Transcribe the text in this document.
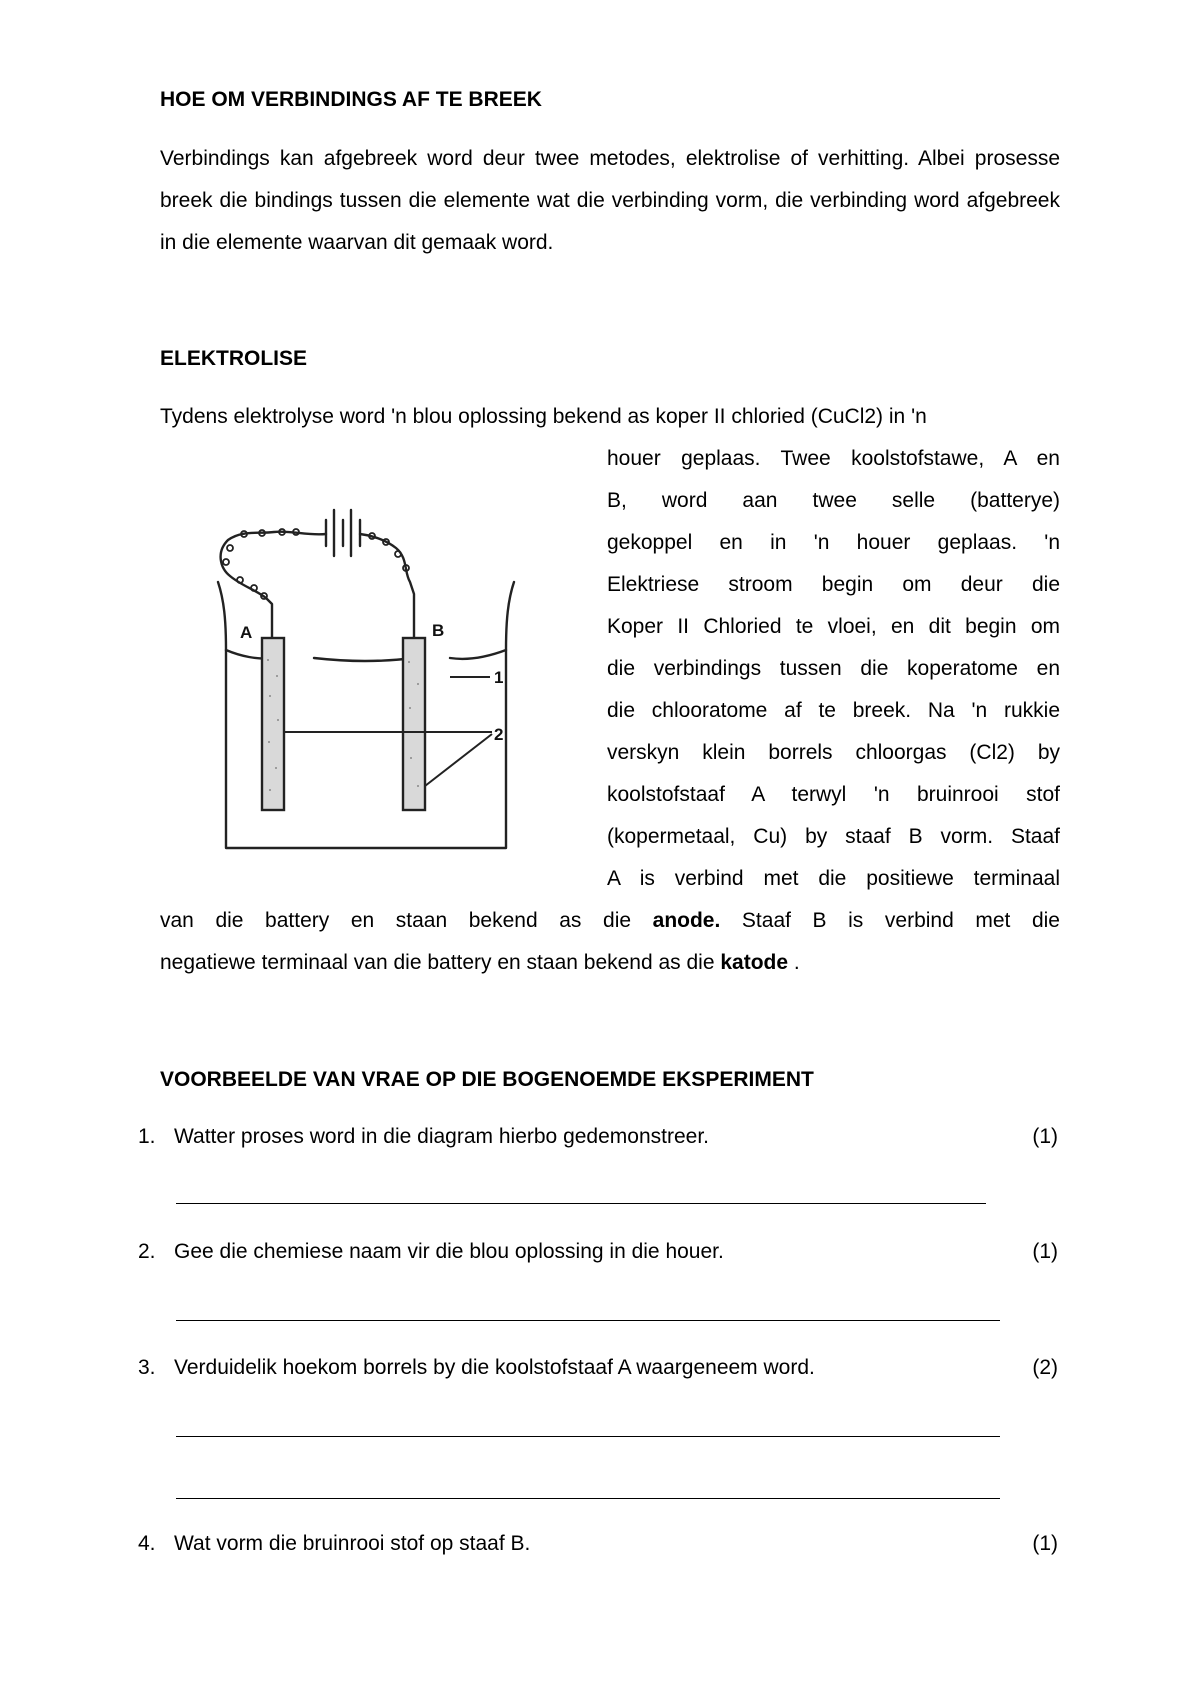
HOE OM VERBINDINGS AF TE BREEK

Verbindings kan afgebreek word deur twee metodes, elektrolise of verhitting. Albei prosesse breek die bindings tussen die elemente wat die verbinding vorm, die verbinding word afgebreek in die elemente waarvan dit gemaak word.

ELEKTROLISE

Tydens elektrolyse word 'n blou oplossing bekend as koper II chloried (CuCl2) in 'n

houer geplaas. Twee koolstofstawe, A en

B, word aan twee selle (batterye)

gekoppel en in 'n houer geplaas. 'n

Elektriese stroom begin om deur die

Koper II Chloried te vloei, en dit begin om

die verbindings tussen die koperatome en

die chlooratome af te breek. Na 'n rukkie

verskyn klein borrels chloorgas (Cl2) by

koolstofstaaf A terwyl 'n bruinrooi stof

(kopermetaal, Cu) by staaf B vorm. Staaf

A is verbind met die positiewe terminaal

van die battery en staan bekend as die anode. Staaf B is verbind met die

negatiewe terminaal van die battery en staan bekend as die katode .

A	B
1
2
VOORBEELDE VAN VRAE OP DIE BOGENOEMDE EKSPERIMENT
1. Watter proses word in die diagram hierbo gedemonstreer.	(1)
2. Gee die chemiese naam vir die blou oplossing in die houer.	(1)
3. Verduidelik hoekom borrels by die koolstofstaaf A waargeneem word.	(2)
4. Wat vorm die bruinrooi stof op staaf B.	(1)
